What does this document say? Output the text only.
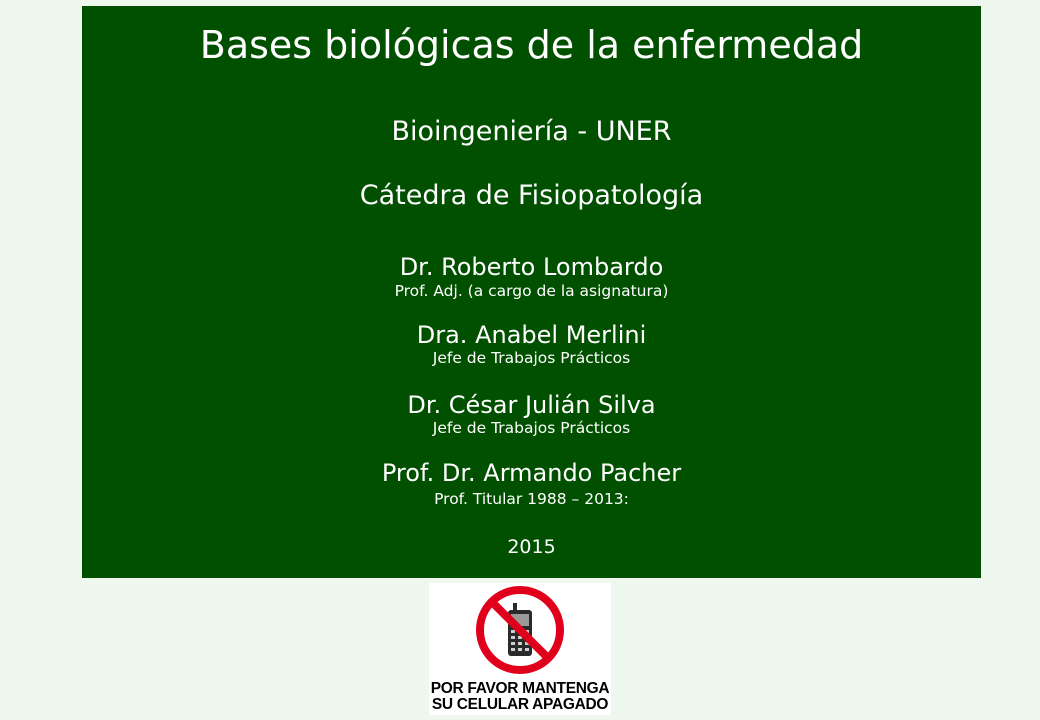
Bases biológicas de la enfermedad
Bioingeniería - UNER
Cátedra de Fisiopatología
Dr. Roberto Lombardo
Prof. Adj. (a cargo de la asignatura)
Dra. Anabel Merlini
Jefe de Trabajos Prácticos
Dr. César Julián Silva
Jefe de Trabajos Prácticos
Prof. Dr. Armando Pacher
Prof. Titular 1988 – 2013:
2015
POR FAVOR MANTENGA
SU CELULAR APAGADO
